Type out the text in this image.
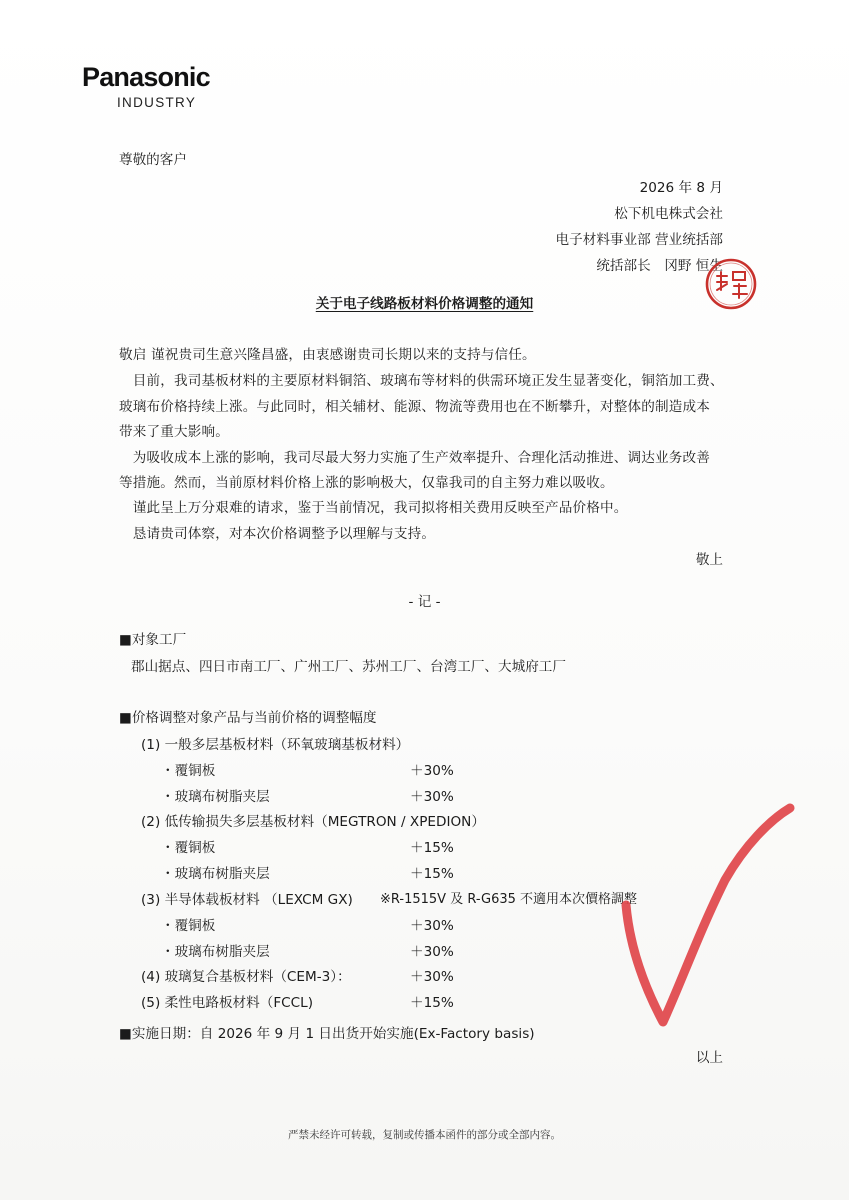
Panasonic
INDUSTRY
尊敬的客户
2026 年 8 月
松下机电株式会社
电子材料事业部 营业统括部
统括部长　冈野 恒生
关于电子线路板材料价格调整的通知
敬启 谨祝贵司生意兴隆昌盛，由衷感谢贵司长期以来的支持与信任。
　目前，我司基板材料的主要原材料铜箔、玻璃布等材料的供需环境正发生显著变化，铜箔加工费、
玻璃布价格持续上涨。与此同时，相关辅材、能源、物流等费用也在不断攀升，对整体的制造成本
带来了重大影响。
　为吸收成本上涨的影响，我司尽最大努力实施了生产效率提升、合理化活动推进、调达业务改善
等措施。然而，当前原材料价格上涨的影响极大，仅靠我司的自主努力难以吸收。
　谨此呈上万分艰难的请求，鉴于当前情况，我司拟将相关费用反映至产品价格中。
　恳请贵司体察，对本次价格调整予以理解与支持。
敬上
- 记 -
■对象工厂
郡山据点、四日市南工厂、广州工厂、苏州工厂、台湾工厂、大城府工厂
■价格调整对象产品与当前价格的调整幅度
(1) 一般多层基板材料（环氧玻璃基板材料）
・覆铜板	＋30%
・玻璃布树脂夹层	＋30%
(2) 低传输损失多层基板材料（MEGTRON / XPEDION）
・覆铜板	＋15%
・玻璃布树脂夹层	＋15%
(3) 半导体载板材料 （LEXCM GX) ※R-1515V 及 R-G635 不適用本次價格調整
・覆铜板	＋30%
・玻璃布树脂夹层	＋30%
(4) 玻璃复合基板材料（CEM-3）：	＋30%
(5) 柔性电路板材料（FCCL)	＋15%
■实施日期：自 2026 年 9 月 1 日出货开始实施(Ex-Factory basis)
以上
严禁未经许可转载，复制或传播本函件的部分或全部内容。
